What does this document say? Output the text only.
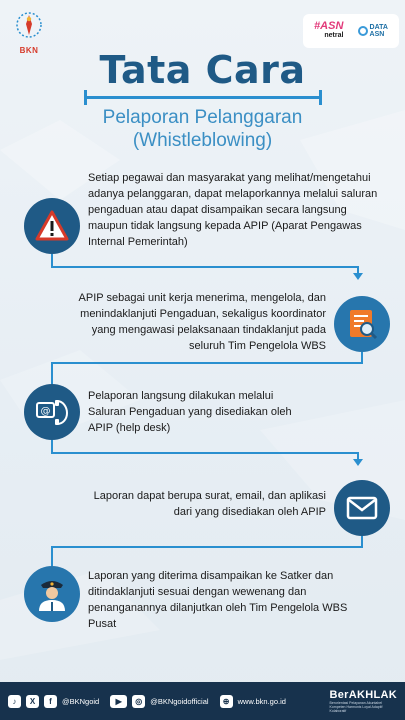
BKN
#ASN
netral
DATA
ASN
Tata Cara
Pelaporan Pelanggaran
(Whistleblowing)
Setiap pegawai dan masyarakat yang melihat/mengetahui adanya pelanggaran, dapat melaporkannya melalui saluran pengaduan atau dapat disampaikan secara langsung maupun tidak langsung kepada APIP (Aparat Pengawas Internal Pemerintah)
APIP sebagai unit kerja menerima, mengelola, dan menindaklanjuti Pengaduan, sekaligus koordinator yang mengawasi pelaksanaan tindaklanjut pada seluruh Tim Pengelola WBS
@
Pelaporan langsung dilakukan melalui Saluran Pengaduan yang disediakan oleh APIP (help desk)
Laporan dapat berupa surat, email, dan aplikasi dari yang disediakan oleh APIP
Laporan yang diterima disampaikan ke Satker dan ditindaklanjuti sesuai dengan wewenang dan penanganannya dilanjutkan oleh Tim Pengelola WBS Pusat
♪	X	f	@BKNgoid	▶	◎	@BKNgoidofficial	⊕	www.bkn.go.id	BerAKHLAK
Berorientasi Pelayanan Akuntabel Kompeten Harmonis Loyal Adaptif Kolaboratif
